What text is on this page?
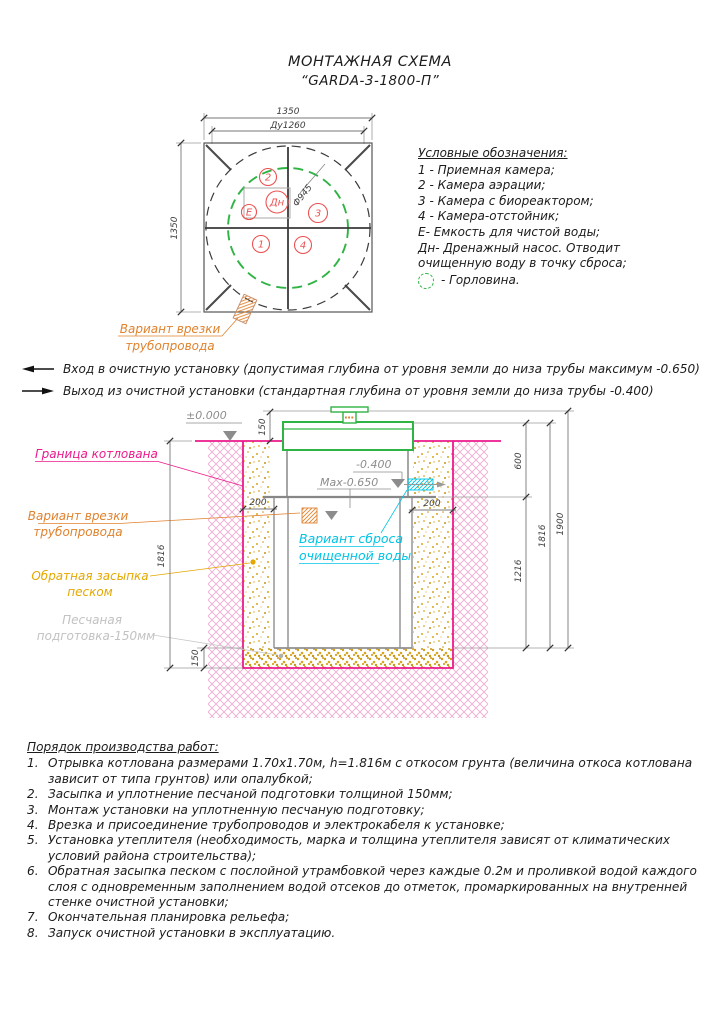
1350
Ду1260
1350
2
Дн
Е	3
1	4
Ф945
Вариант врезки
трубопровода
±0.000
-0.400
Max-0.650
Граница котлована
Вариант врезки
трубопровода
Обратная засыпка
песком
Песчаная
подготовка-150мм
Вариант сброса
очищенной воды
150
1816
150
200	200
600
1216
1816
1900
МОНТАЖНАЯ СХЕМА
“GARDA-3-1800-П”
Условные обозначения:
1 - Приемная камера;
2 - Камера аэрации;
3 - Камера с биореактором;
4 - Камера-отстойник;
Е- Емкость для чистой воды;
Дн- Дренажный насос. Отводит очищенную воду в точку сброса;
- Горловина.
Вход в очистную установку (допустимая глубина от уровня земли до низа трубы максимум -0.650)
Выход из очистной установки (стандартная глубина от уровня земли до низа трубы -0.400)
Порядок производства работ:
1. Отрывка котлована размерами 1.70х1.70м, h=1.816м с откосом грунта (величина откоса котлована зависит от типа грунтов) или опалубкой;
2. Засыпка и уплотнение песчаной подготовки толщиной 150мм;
3. Монтаж установки на уплотненную песчаную подготовку;
4. Врезка и присоединение трубопроводов и электрокабеля к установке;
5. Установка утеплителя (необходимость, марка и толщина утеплителя зависят от климатических условий района строительства);
6. Обратная засыпка песком с послойной утрамбовкой через каждые 0.2м и проливкой водой каждого слоя с одновременным заполнением водой отсеков до отметок, промаркированных на внутренней стенке очистной установки;
7. Окончательная планировка рельефа;
8. Запуск очистной установки в эксплуатацию.
